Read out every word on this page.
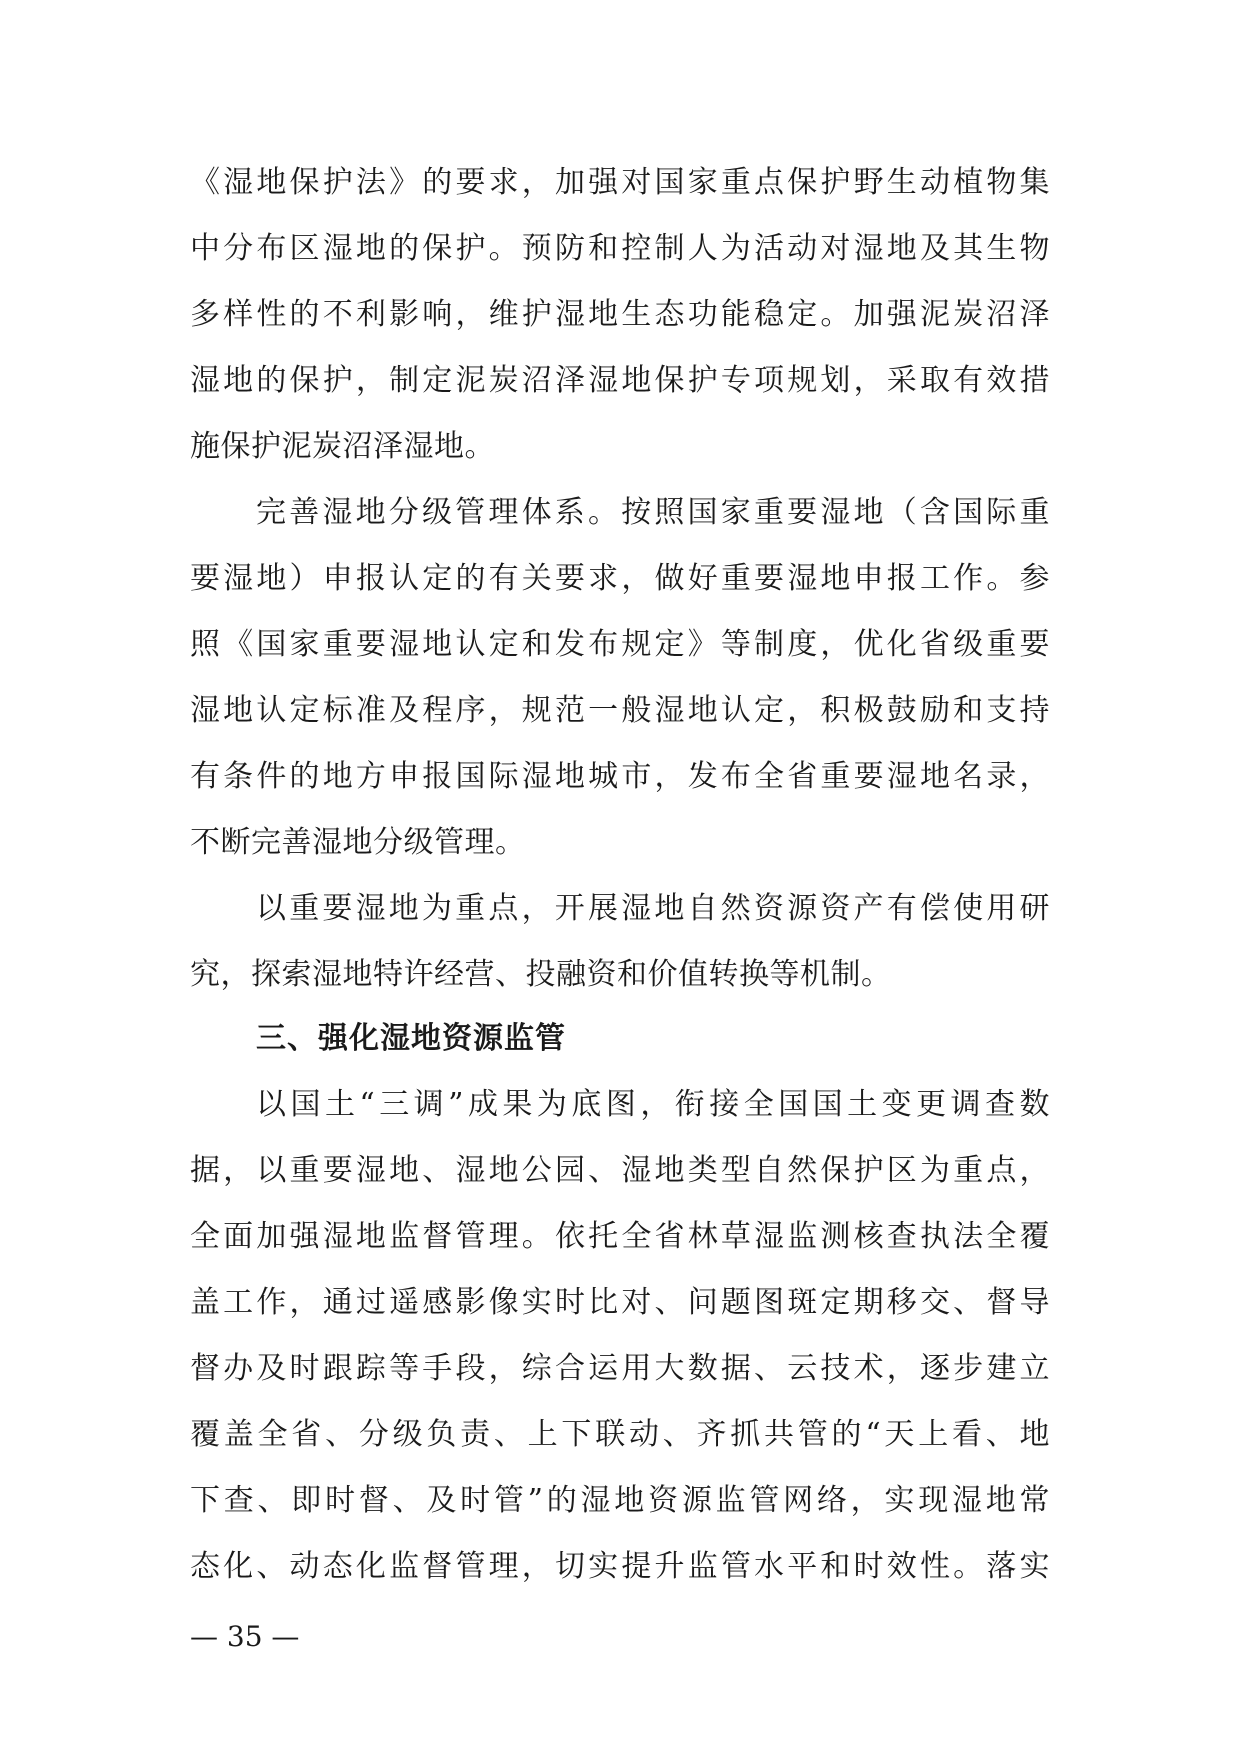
《湿地保护法》的要求，加强对国家重点保护野生动植物集
中分布区湿地的保护。预防和控制人为活动对湿地及其生物
多样性的不利影响，维护湿地生态功能稳定。加强泥炭沼泽
湿地的保护，制定泥炭沼泽湿地保护专项规划，采取有效措
施保护泥炭沼泽湿地。
完善湿地分级管理体系。按照国家重要湿地（含国际重
要湿地）申报认定的有关要求，做好重要湿地申报工作。参
照《国家重要湿地认定和发布规定》等制度，优化省级重要
湿地认定标准及程序，规范一般湿地认定，积极鼓励和支持
有条件的地方申报国际湿地城市，发布全省重要湿地名录，
不断完善湿地分级管理。
以重要湿地为重点，开展湿地自然资源资产有偿使用研
究，探索湿地特许经营、投融资和价值转换等机制。
三、强化湿地资源监管
以国土“三调”成果为底图，衔接全国国土变更调查数
据，以重要湿地、湿地公园、湿地类型自然保护区为重点，
全面加强湿地监督管理。依托全省林草湿监测核查执法全覆
盖工作，通过遥感影像实时比对、问题图斑定期移交、督导
督办及时跟踪等手段，综合运用大数据、云技术，逐步建立
覆盖全省、分级负责、上下联动、齐抓共管的“天上看、地
下查、即时督、及时管”的湿地资源监管网络，实现湿地常
态化、动态化监督管理，切实提升监管水平和时效性。落实
— 35 —
